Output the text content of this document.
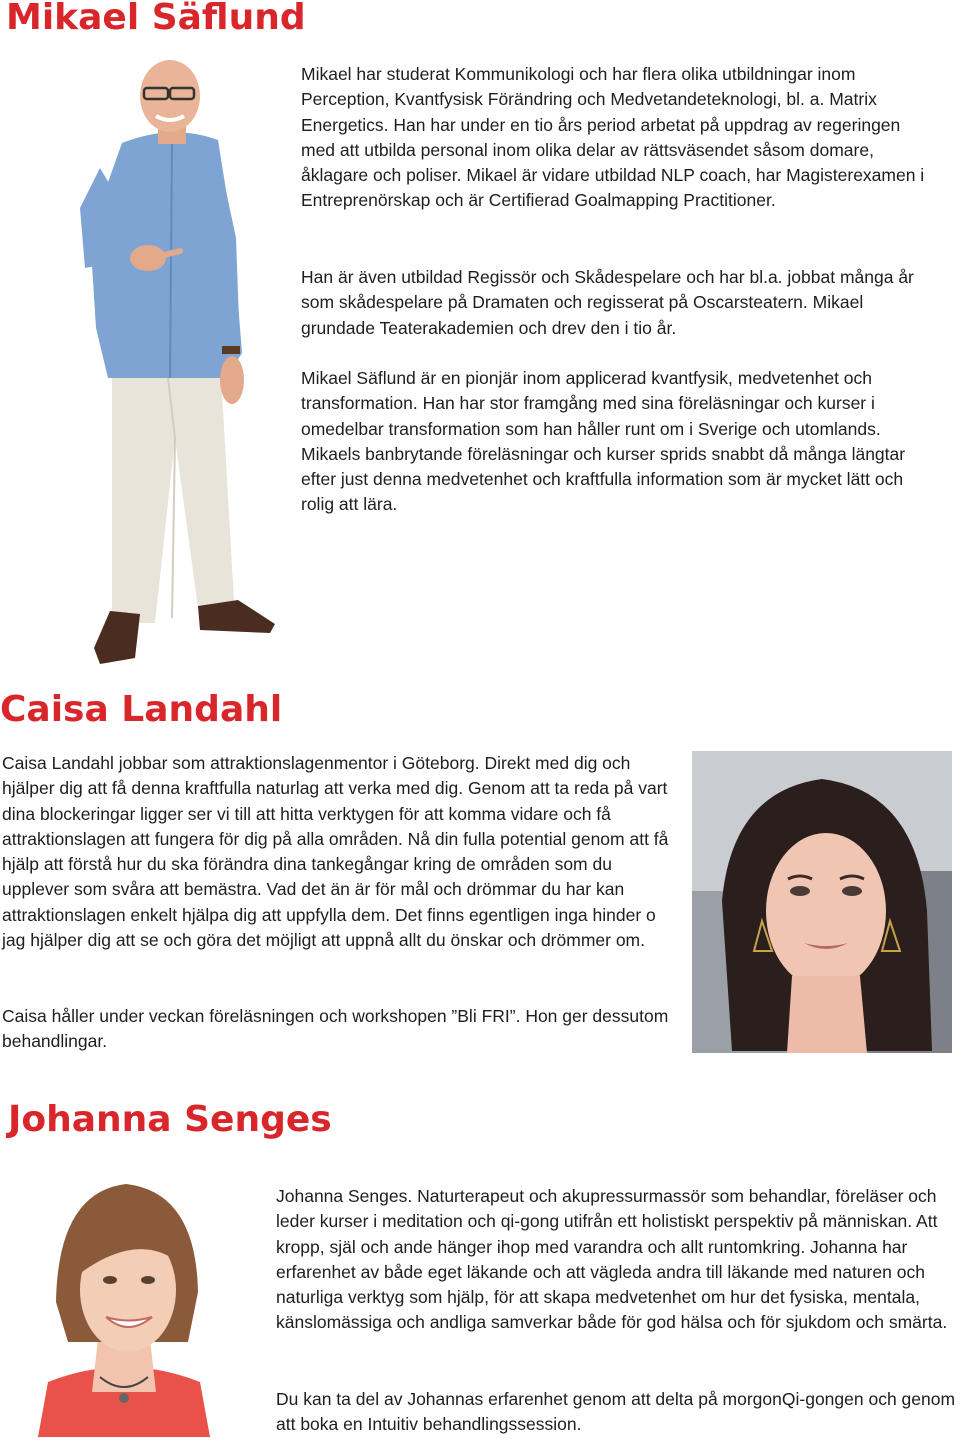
Mikael Säflund

Mikael har studerat Kommunikologi och har flera olika utbildningar inom Perception, Kvantfysisk Förändring och Medvetandeteknologi, bl. a. Matrix Energetics. Han har under en tio års period arbetat på uppdrag av regeringen med att utbilda personal inom olika delar av rättsväsendet såsom domare, åklagare och poliser. Mikael är vidare utbildad NLP coach, har Magisterexamen i Entreprenörskap och är Certifierad Goalmapping Practitioner.

Han är även utbildad Regissör och Skådespelare och har bl.a. jobbat många år som skådespelare på Dramaten och regisserat på Oscarsteatern. Mikael grundade Teaterakademien och drev den i tio år.

Mikael Säflund är en pionjär inom applicerad kvantfysik, medvetenhet och transformation. Han har stor framgång med sina föreläsningar och kurser i omedelbar transformation som han håller runt om i Sverige och utomlands. Mikaels banbrytande föreläsningar och kurser sprids snabbt då många längtar efter just denna medvetenhet och kraftfulla information som är mycket lätt och rolig att lära.

Caisa Landahl

Caisa Landahl jobbar som attraktionslagenmentor i Göteborg. Direkt med dig och hjälper dig att få denna kraftfulla naturlag att verka med dig. Genom att ta reda på vart dina blockeringar ligger ser vi till att hitta verktygen för att komma vidare och få attraktionslagen att fungera för dig på alla områden. Nå din fulla potential genom att få hjälp att förstå hur du ska förändra dina tankegångar kring de områden som du upplever som svåra att bemästra. Vad det än är för mål och drömmar du har kan attraktionslagen enkelt hjälpa dig att uppfylla dem. Det finns egentligen inga hinder o jag hjälper dig att se och göra det möjligt att uppnå allt du önskar och drömmer om.

Caisa håller under veckan föreläsningen och workshopen ”Bli FRI”. Hon ger dessutom behandlingar.

Johanna Senges

Johanna Senges. Naturterapeut och akupressurmassör som behandlar, föreläser och leder kurser i meditation och qi-gong utifrån ett holistiskt perspektiv på människan. Att kropp, själ och ande hänger ihop med varandra och allt runtomkring. Johanna har erfarenhet av både eget läkande och att vägleda andra till läkande med naturen och naturliga verktyg som hjälp, för att skapa medvetenhet om hur det fysiska, mentala, känslomässiga och andliga samverkar både för god hälsa och för sjukdom och smärta.

Du kan ta del av Johannas erfarenhet genom att delta på morgonQi-gongen och genom att boka en Intuitiv behandlingssession.
